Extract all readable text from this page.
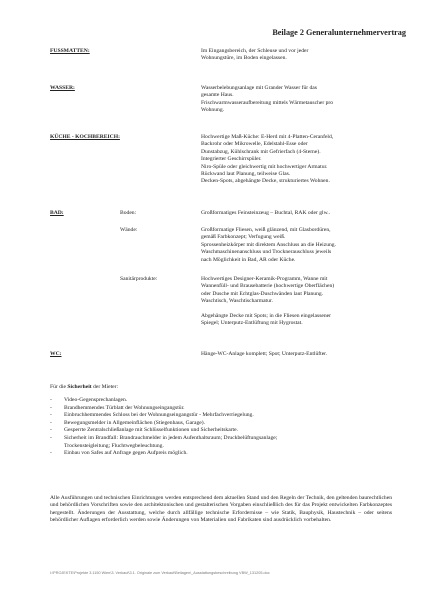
Beilage 2 Generalunternehmervertrag
FUSSMATTEN:	Im Eingangsbereich, der Schleuse und vor jeder
Wohnungstüre, im Boden eingelassen.
WASSER:	Wasserbelebungsanlage mit Grander Wasser für das
gesamte Haus.
Frischwarmwasseraufbereitung mittels Wärmetauscher pro
Wohnung.
KÜCHE - KOCHBEREICH:	Hochwertige Maß-Küche: E-Herd mit 4-Platten-Ceranfeld,
Backrohr oder Mikrowelle, Edelstahl-Esse oder
Dunstabzug, Kühlschrank mit Gefrierfach (4-Sterne).
Integrierter Geschirrspüler.
Niro-Spüle oder gleichwertig mit hochwertiger Armatur.
Rückwand laut Planung, teilweise Glas.
Decken-Spots, abgehängte Decke, strukturiertes Wohnen.
BAD:	Boden:	Großformatiges Feinsteinzeug – Buchtal, RAK oder glw..
Wände:	Großformatige Fliesen, weiß glänzend, mit Glasbordüren,
gemäß Farbkonzept; Verfugung weiß.
Sprossenheizkörper mit direktem Anschluss an die Heizung.
Waschmaschinenanschluss und Trocknerauschluss jeweils
nach Möglichkeit in Bad, AR oder Küche.
Sanitärprodukte:	Hochwertiges Designer-Keramik-Programm, Wanne mit
Wannenfüll- und Brausebatterie (hochwertige Oberflächen)
oder Dusche mit Echtglas-Duschwänden laut Planung.
Waschtisch, Waschtischarmatur.
Abgehängte Decke mit Spots; in die Fliesen eingelassener
Spiegel; Unterputz-Entlüftung mit Hygrostat.
WC:	Hänge-WC-Anlage komplett; Spot; Unterputz-Entlüfter.
Für die Sicherheit der Mieter:
-	Video-Gegensprechanlagen.
-	Brandhemmendes Türblatt der Wohnungseingangstür.
-	Einbruchhemmendes Schloss bei der Wohnungseingangstür - Mehrfachverriegelung.
-	Bewegungsmelder in Allgemeinflächen (Stiegenhaus, Garage).
-	Gesperrte Zentralschließanlage mit Schlüsselfunktionen und Sicherheitskarte.
-	Sicherheit im Brandfall: Brandrauchmelder in jedem Aufenthaltsraum; Druckbelüftungsanlage;
Trockensteigleitung; Fluchtwegbeleuchtung.
-	Einbau von Safes auf Anfrage gegen Aufpreis möglich.
Alle Ausführungen und technischen Einrichtungen werden entsprechend dem aktuellen Stand und den Regeln der Technik, den geltenden baurechtlichen und behördlichen Vorschriften sowie den architektonischen und gestalterischen Vorgaben einschließlich des für das Projekt entwickelten Farbkonzeptes hergestellt. Änderungen der Ausstattung, welche durch allfällige technische Erfordernisse – wie Statik, Bauphysik, Haustechnik – oder seitens behördlicher Auflagen erforderlich werden sowie Änderungen von Materialien und Fabrikaten sind ausdrücklich vorbehalten.
I:\PROJEKTE\Projekte 3.1150 Wien\3. Verkauf\3.1. Originale zum Verkauf\Beilagen\_Ausstattungsbeschreibung VBW_131205.doc
